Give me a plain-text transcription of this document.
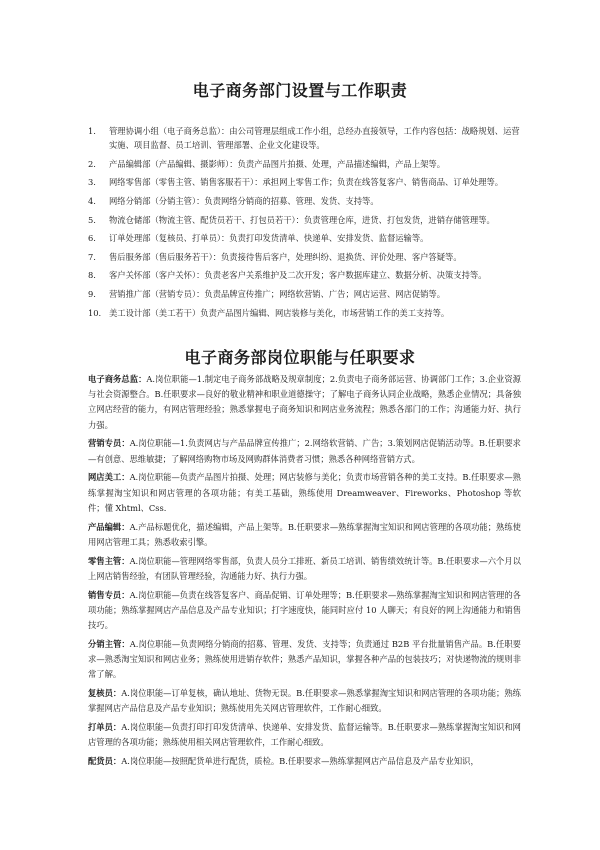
电子商务部门设置与工作职责
1. 管理协调小组（电子商务总监）：由公司管理层组成工作小组，总经办直接领导，工作内容包括：战略规划、运营实施、项目监督、员工培训、管理部署、企业文化建设等。
2. 产品编辑部（产品编辑、摄影师）：负责产品图片拍摄、处理，产品描述编辑，产品上架等。
3. 网络零售部（零售主管、销售客服若干）：承担网上零售工作；负责在线答复客户、销售商品、订单处理等。
4. 网络分销部（分销主管）：负责网络分销商的招募、管理、发货、支持等。
5. 物流仓储部（物流主管、配货员若干、打包员若干）：负责管理仓库，进货、打包发货，进销存储管理等。
6. 订单处理部（复核员、打单员）：负责打印发货清单、快递单、安排发货、监督运输等。
7. 售后服务部（售后服务若干）：负责接待售后客户，处理纠纷、退换货、评价处理、客户答疑等。
8. 客户关怀部（客户关怀）：负责老客户关系维护及二次开发；客户数据库建立、数据分析、决策支持等。
9. 营销推广部（营销专员）：负责品牌宣传推广；网络软营销、广告；网店运营、网店促销等。
10. 美工设计部（美工若干）负责产品图片编辑、网店装修与美化，市场营销工作的美工支持等。
电子商务部岗位职能与任职要求

电子商务总监：A.岗位职能—1.制定电子商务部战略及规章制度；2.负责电子商务部运营、协调部门工作；3.企业资源与社会资源整合。B.任职要求—良好的敬业精神和职业道德操守；了解电子商务认同企业战略，熟悉企业情况；具备独立网店经营的能力，有网店管理经验；熟悉掌握电子商务知识和网店业务流程；熟悉各部门的工作；沟通能力好、执行力强。

营销专员：A.岗位职能—1.负责网店与产品品牌宣传推广；2.网络软营销、广告；3.策划网店促销活动等。B.任职要求—有创意、思维敏捷；了解网络购物市场及网购群体消费者习惯；熟悉各种网络营销方式。

网店美工：A.岗位职能—负责产品图片拍摄、处理；网店装修与美化；负责市场营销各种的美工支持。B.任职要求—熟练掌握淘宝知识和网店管理的各项功能；有美工基础，熟练使用 Dreamweaver、Fireworks、Photoshop 等软件；懂 Xhtml、Css.

产品编辑：A.产品标题优化，描述编辑，产品上架等。B.任职要求—熟练掌握淘宝知识和网店管理的各项功能；熟练使用网店管理工具；熟悉收索引擎。

零售主管：A.岗位职能—管理网络零售部，负责人员分工排班、新员工培训、销售绩效统计等。B.任职要求—六个月以上网店销售经验，有团队管理经验，沟通能力好、执行力强。

销售专员：A.岗位职能—负责在线答复客户、商品促销、订单处理等；B.任职要求—熟练掌握淘宝知识和网店管理的各项功能；熟练掌握网店产品信息及产品专业知识；打字速度快，能同时应付 10 人聊天；有良好的网上沟通能力和销售技巧。

分销主管：A.岗位职能—负责网络分销商的招募、管理、发货、支持等；负责通过 B2B 平台批量销售产品。B.任职要求—熟悉淘宝知识和网店业务；熟练使用进销存软件；熟悉产品知识，掌握各种产品的包装技巧；对快递物流的规则非常了解。

复核员：A.岗位职能—订单复核，确认地址、货物无误。B.任职要求—熟悉掌握淘宝知识和网店管理的各项功能；熟练掌握网店产品信息及产品专业知识；熟练使用先关网店管理软件，工作耐心细致。

打单员：A.岗位职能—负责打印打印发货清单、快递单、安排发货、监督运输等。B.任职要求—熟练掌握淘宝知识和网店管理的各项功能；熟练使用相关网店管理软件，工作耐心细致。

配货员：A.岗位职能—按照配货单进行配货，质检。B.任职要求—熟练掌握网店产品信息及产品专业知识，
